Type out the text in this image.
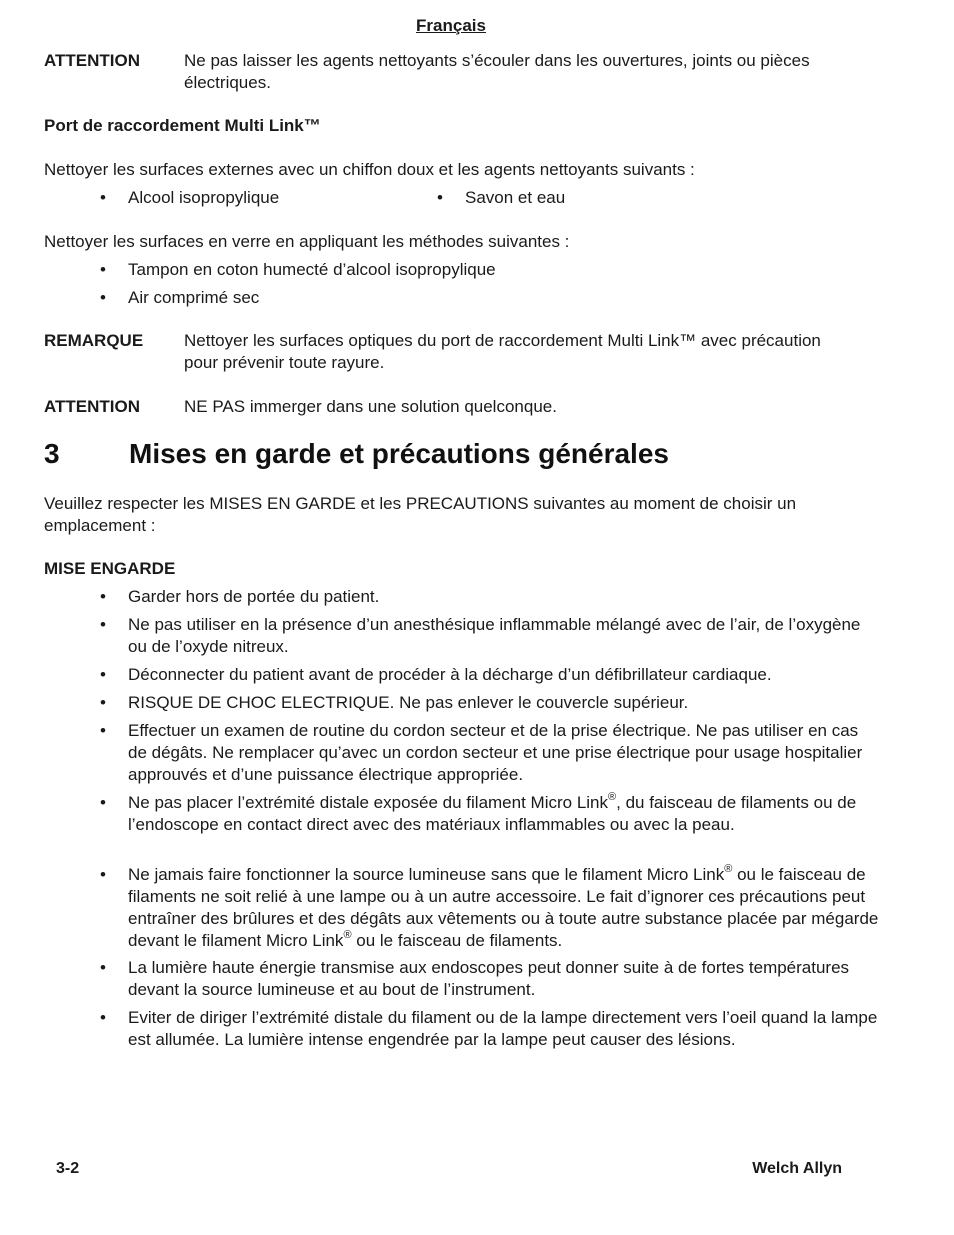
Français
ATTENTION	Ne pas laisser les agents nettoyants s’écouler dans les ouvertures, joints ou pièces électriques.
Port de raccordement Multi Link™
Nettoyer les surfaces externes avec un chiffon doux et les agents nettoyants suivants :
• Alcool isopropylique	• Savon et eau
Nettoyer les surfaces en verre en appliquant les méthodes suivantes :
• Tampon en coton humecté d’alcool isopropylique
• Air comprimé sec
REMARQUE Nettoyer les surfaces optiques du port de raccordement Multi Link™ avec précaution pour prévenir toute rayure.
ATTENTION	NE PAS immerger dans une solution quelconque.
3 Mises en garde et précautions générales
Veuillez respecter les MISES EN GARDE et les PRECAUTIONS suivantes au moment de choisir un emplacement :
MISE ENGARDE
• Garder hors de portée du patient.
• Ne pas utiliser en la présence d’un anesthésique inflammable mélangé avec de l’air, de l’oxygène ou de l’oxyde nitreux.
• Déconnecter du patient avant de procéder à la décharge d’un défibrillateur cardiaque.
• RISQUE DE CHOC ELECTRIQUE. Ne pas enlever le couvercle supérieur.
• Effectuer un examen de routine du cordon secteur et de la prise électrique. Ne pas utiliser en cas de dégâts. Ne remplacer qu’avec un cordon secteur et une prise électrique pour usage hospitalier approuvés et d’une puissance électrique appropriée.
• Ne pas placer l’extrémité distale exposée du filament Micro Link®, du faisceau de filaments ou de l’endoscope en contact direct avec des matériaux inflammables ou avec la peau.
• Ne jamais faire fonctionner la source lumineuse sans que le filament Micro Link® ou le faisceau de filaments ne soit relié à une lampe ou à un autre accessoire. Le fait d’ignorer ces précautions peut entraîner des brûlures et des dégâts aux vêtements ou à toute autre substance placée par mégarde devant le filament Micro Link® ou le faisceau de filaments.
• La lumière haute énergie transmise aux endoscopes peut donner suite à de fortes températures devant la source lumineuse et au bout de l’instrument.
• Eviter de diriger l’extrémité distale du filament ou de la lampe directement vers l’oeil quand la lampe est allumée. La lumière intense engendrée par la lampe peut causer des lésions.
3-2	Welch Allyn
